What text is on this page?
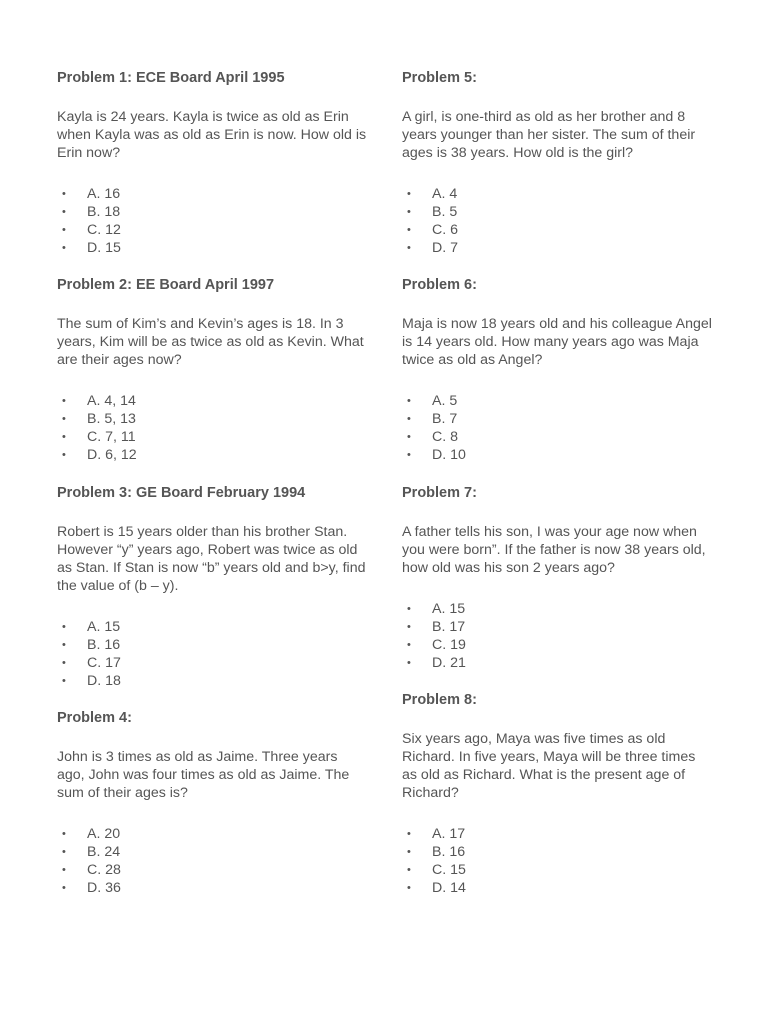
Problem 1: ECE Board April 1995

Kayla is 24 years. Kayla is twice as old as Erin when Kayla was as old as Erin is now. How old is Erin now?

• A. 16
• B. 18
• C. 12
• D. 15

Problem 2: EE Board April 1997

The sum of Kim’s and Kevin’s ages is 18. In 3 years, Kim will be as twice as old as Kevin. What are their ages now?

• A. 4, 14
• B. 5, 13
• C. 7, 11
• D. 6, 12

Problem 3: GE Board February 1994

Robert is 15 years older than his brother Stan. However “y” years ago, Robert was twice as old as Stan. If Stan is now “b” years old and b>y, find the value of (b – y).

• A. 15
• B. 16
• C. 17
• D. 18

Problem 4:

John is 3 times as old as Jaime. Three years ago, John was four times as old as Jaime. The sum of their ages is?

• A. 20
• B. 24
• C. 28
• D. 36

Problem 5:

A girl, is one-third as old as her brother and 8 years younger than her sister. The sum of their ages is 38 years. How old is the girl?

• A. 4
• B. 5
• C. 6
• D. 7

Problem 6:

Maja is now 18 years old and his colleague Angel is 14 years old. How many years ago was Maja twice as old as Angel?

• A. 5
• B. 7
• C. 8
• D. 10

Problem 7:

A father tells his son, I was your age now when you were born”. If the father is now 38 years old, how old was his son 2 years ago?

• A. 15
• B. 17
• C. 19
• D. 21

Problem 8:

Six years ago, Maya was five times as old Richard. In five years, Maya will be three times as old as Richard. What is the present age of Richard?

• A. 17
• B. 16
• C. 15
• D. 14
